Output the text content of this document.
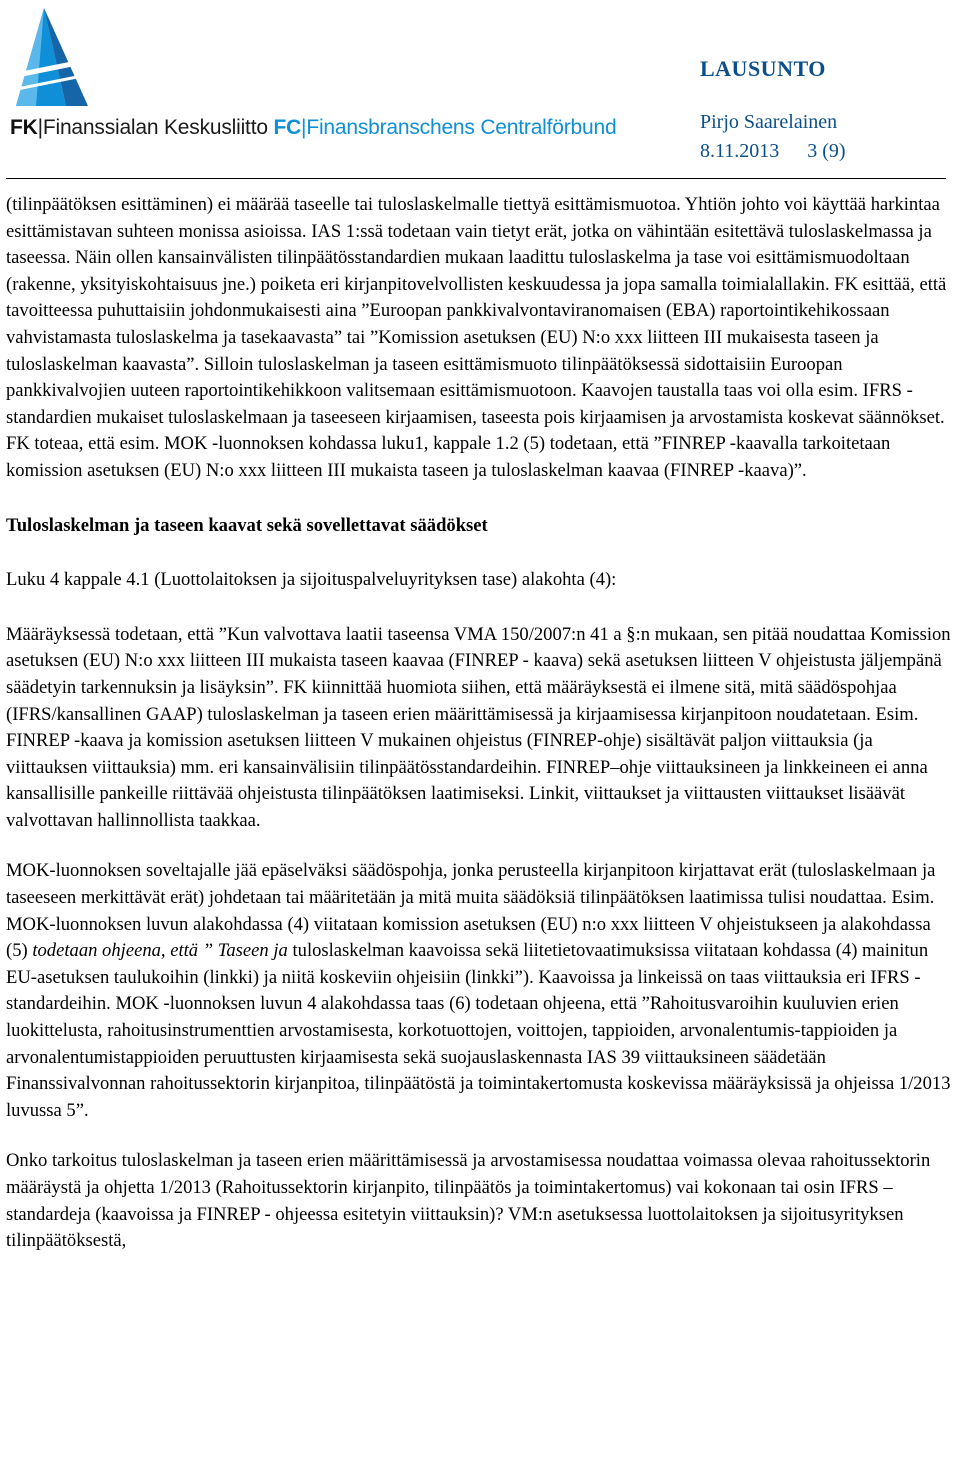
FK|Finanssialan Keskusliitto FC|Finansbranschens Centralförbund
LAUSUNTO
Pirjo Saarelainen
8.11.2013 3 (9)

(tilinpäätöksen esittäminen) ei määrää taseelle tai tuloslaskelmalle tiettyä esittämismuotoa. Yhtiön johto voi käyttää harkintaa esittämistavan suhteen monissa asioissa. IAS 1:ssä todetaan vain tietyt erät, jotka on vähintään esitettävä tuloslaskelmassa ja taseessa. Näin ollen kansainvälisten tilinpäätösstandardien mukaan laadittu tuloslaskelma ja tase voi esittämismuodoltaan (rakenne, yksityiskohtaisuus jne.) poiketa eri kirjanpitovelvollisten keskuudessa ja jopa samalla toimialallakin. FK esittää, että tavoitteessa puhuttaisiin johdonmukaisesti aina ”Euroopan pankkivalvontaviranomaisen (EBA) raportointikehikossaan vahvistamasta tuloslaskelma ja tasekaavasta” tai ”Komission asetuksen (EU) N:o xxx liitteen III mukaisesta taseen ja tuloslaskelman kaavasta”. Silloin tuloslaskelman ja taseen esittämismuoto tilinpäätöksessä sidottaisiin Euroopan pankkivalvojien uuteen raportointikehikkoon valitsemaan esittämismuotoon. Kaavojen taustalla taas voi olla esim. IFRS -standardien mukaiset tuloslaskelmaan ja taseeseen kirjaamisen, taseesta pois kirjaamisen ja arvostamista koskevat säännökset. FK toteaa, että esim. MOK -luonnoksen kohdassa luku1, kappale 1.2 (5) todetaan, että ”FINREP -kaavalla tarkoitetaan komission asetuksen (EU) N:o xxx liitteen III mukaista taseen ja tuloslaskelman kaavaa (FINREP -kaava)”.

Tuloslaskelman ja taseen kaavat sekä sovellettavat säädökset

Luku 4 kappale 4.1 (Luottolaitoksen ja sijoituspalveluyrityksen tase) alakohta (4):

Määräyksessä todetaan, että ”Kun valvottava laatii taseensa VMA 150/2007:n 41 a §:n mukaan, sen pitää noudattaa Komission asetuksen (EU) N:o xxx liitteen III mukaista taseen kaavaa (FINREP - kaava) sekä asetuksen liitteen V ohjeistusta jäljempänä säädetyin tarkennuksin ja lisäyksin”. FK kiinnittää huomiota siihen, että määräyksestä ei ilmene sitä, mitä säädöspohjaa (IFRS/kansallinen GAAP) tuloslaskelman ja taseen erien määrittämisessä ja kirjaamisessa kirjanpitoon noudatetaan. Esim. FINREP -kaava ja komission asetuksen liitteen V mukainen ohjeistus (FINREP-ohje) sisältävät paljon viittauksia (ja viittauksen viittauksia) mm. eri kansainvälisiin tilinpäätösstandardeihin. FINREP–ohje viittauksineen ja linkkeineen ei anna kansallisille pankeille riittävää ohjeistusta tilinpäätöksen laatimiseksi. Linkit, viittaukset ja viittausten viittaukset lisäävät valvottavan hallinnollista taakkaa.

MOK-luonnoksen soveltajalle jää epäselväksi säädöspohja, jonka perusteella kirjanpitoon kirjattavat erät (tuloslaskelmaan ja taseeseen merkittävät erät) johdetaan tai määritetään ja mitä muita säädöksiä tilinpäätöksen laatimissa tulisi noudattaa. Esim. MOK-luonnoksen luvun alakohdassa (4) viitataan komission asetuksen (EU) n:o xxx liitteen V ohjeistukseen ja alakohdassa (5) todetaan ohjeena, että ” Taseen ja tuloslaskelman kaavoissa sekä liitetietovaatimuksissa viitataan kohdassa (4) mainitun EU-asetuksen taulukoihin (linkki) ja niitä koskeviin ohjeisiin (linkki”). Kaavoissa ja linkeissä on taas viittauksia eri IFRS -standardeihin. MOK -luonnoksen luvun 4 alakohdassa taas (6) todetaan ohjeena, että ”Rahoitusvaroihin kuuluvien erien luokittelusta, rahoitusinstrumenttien arvostamisesta, korkotuottojen, voittojen, tappioiden, arvonalentumis-tappioiden ja arvonalentumistappioiden peruuttusten kirjaamisesta sekä suojauslaskennasta IAS 39 viittauksineen säädetään Finanssivalvonnan rahoitussektorin kirjanpitoa, tilinpäätöstä ja toimintakertomusta koskevissa määräyksissä ja ohjeissa 1/2013 luvussa 5”.

Onko tarkoitus tuloslaskelman ja taseen erien määrittämisessä ja arvostamisessa noudattaa voimassa olevaa rahoitussektorin määräystä ja ohjetta 1/2013 (Rahoitussektorin kirjanpito, tilinpäätös ja toimintakertomus) vai kokonaan tai osin IFRS – standardeja (kaavoissa ja FINREP - ohjeessa esitetyin viittauksin)? VM:n asetuksessa luottolaitoksen ja sijoitusyrityksen tilinpäätöksestä,
